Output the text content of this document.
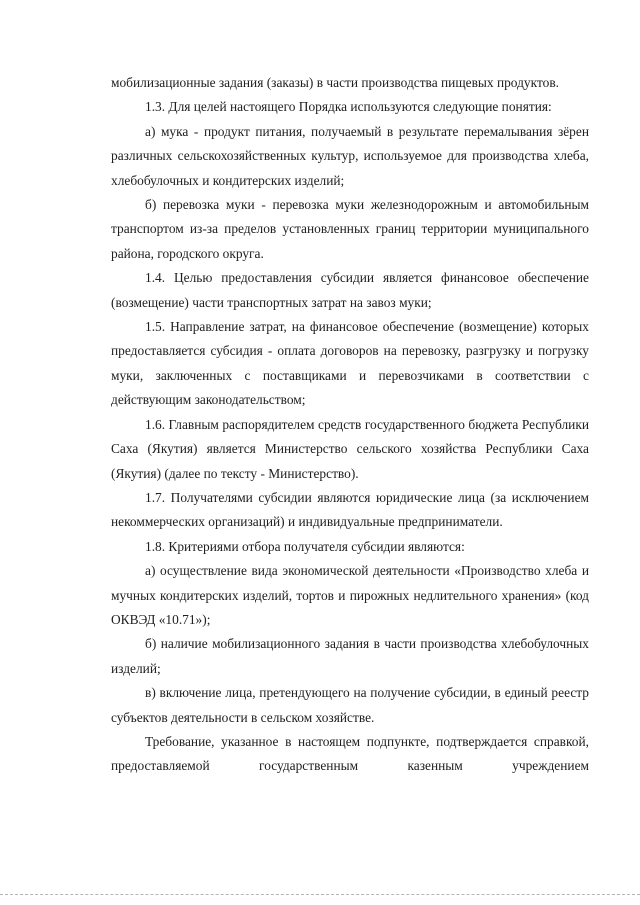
мобилизационные задания (заказы) в части производства пищевых продуктов.

1.3. Для целей настоящего Порядка используются следующие понятия:

а) мука - продукт питания, получаемый в результате перемалывания зёрен различных сельскохозяйственных культур, используемое для производства хлеба, хлебобулочных и кондитерских изделий;

б) перевозка муки - перевозка муки железнодорожным и автомобильным транспортом из-за пределов установленных границ территории муниципального района, городского округа.

1.4. Целью предоставления субсидии является финансовое обеспечение (возмещение) части транспортных затрат на завоз муки;

1.5. Направление затрат, на финансовое обеспечение (возмещение) которых предоставляется субсидия - оплата договоров на перевозку, разгрузку и погрузку муки, заключенных с поставщиками и перевозчиками в соответствии с действующим законодательством;

1.6. Главным распорядителем средств государственного бюджета Республики Саха (Якутия) является Министерство сельского хозяйства Республики Саха (Якутия) (далее по тексту - Министерство).

1.7. Получателями субсидии являются юридические лица (за исключением некоммерческих организаций) и индивидуальные предприниматели.

1.8. Критериями отбора получателя субсидии являются:

а) осуществление вида экономической деятельности «Производство хлеба и мучных кондитерских изделий, тортов и пирожных недлительного хранения» (код ОКВЭД «10.71»);

б) наличие мобилизационного задания в части производства хлебобулочных изделий;

в) включение лица, претендующего на получение субсидии, в единый реестр субъектов деятельности в сельском хозяйстве.

Требование, указанное в настоящем подпункте, подтверждается справкой, предоставляемой государственным казенным учреждением
